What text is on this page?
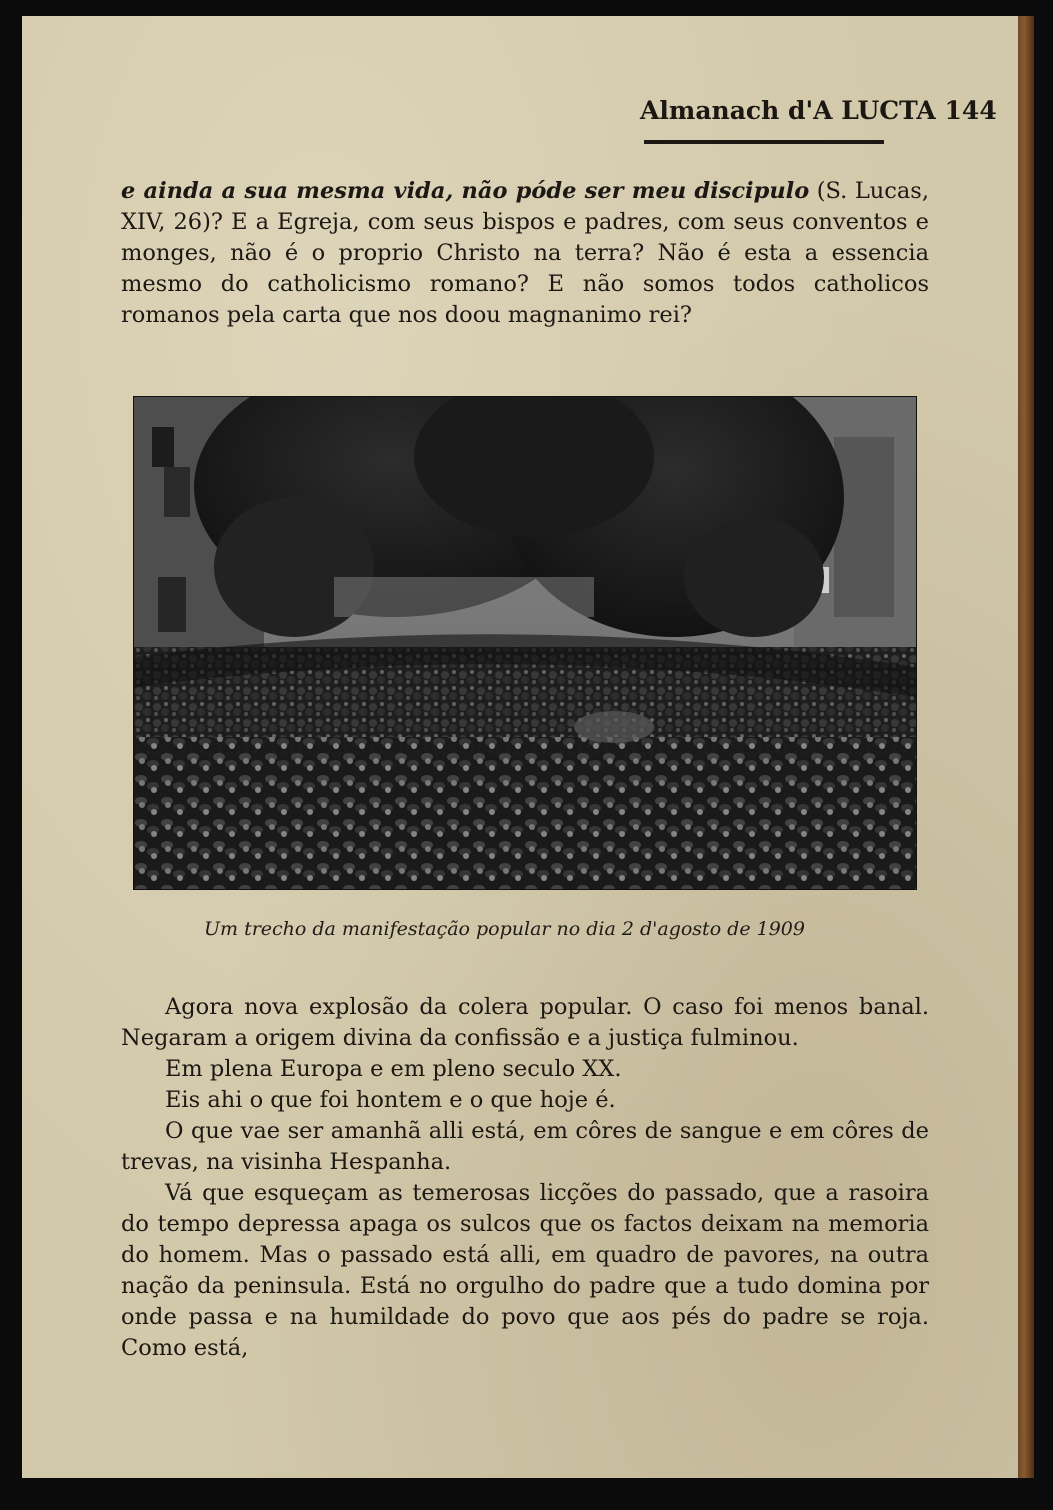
Almanach d'A LUCTA 144

e ainda a sua mesma vida, não póde ser meu discipulo (S. Lucas, XIV, 26)? E a Egreja, com seus bispos e padres, com seus conventos e monges, não é o proprio Christo na terra? Não é esta a essencia mesmo do catholicismo romano? E não somos todos catholicos romanos pela carta que nos doou magnanimo rei?

Um trecho da manifestação popular no dia 2 d'agosto de 1909

Agora nova explosão da colera popular. O caso foi menos banal. Negaram a origem divina da confissão e a justiça fulminou.

Em plena Europa e em pleno seculo XX.

Eis ahi o que foi hontem e o que hoje é.

O que vae ser amanhã alli está, em côres de sangue e em côres de trevas, na visinha Hespanha.

Vá que esqueçam as temerosas licções do passado, que a rasoira do tempo depressa apaga os sulcos que os factos deixam na memoria do homem. Mas o passado está alli, em quadro de pavores, na outra nação da peninsula. Está no orgulho do padre que a tudo domina por onde passa e na humildade do povo que aos pés do padre se roja. Como está,
